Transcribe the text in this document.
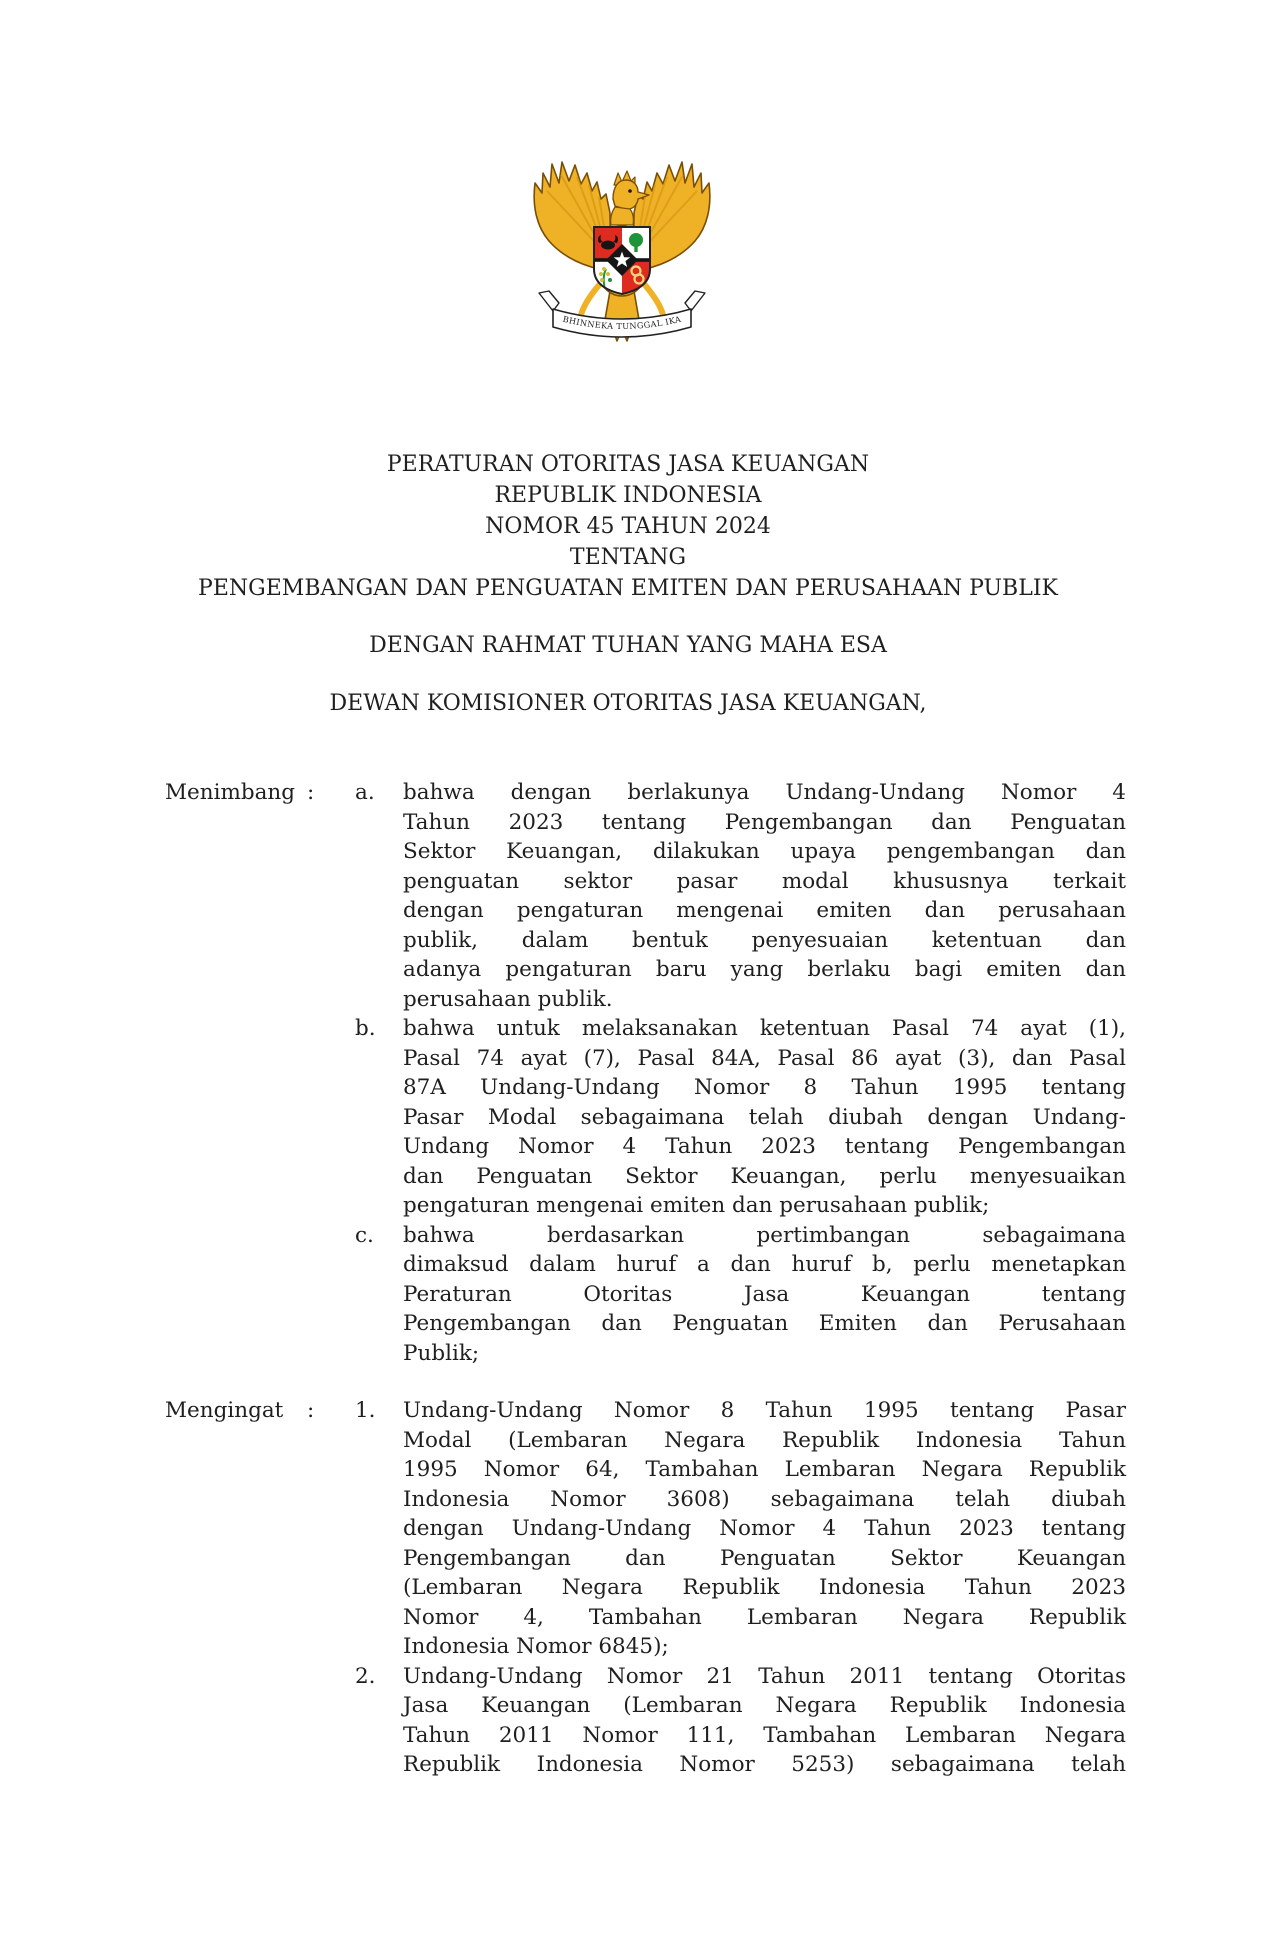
BHINNEKA TUNGGAL IKA
PERATURAN OTORITAS JASA KEUANGAN
REPUBLIK INDONESIA
NOMOR 45 TAHUN 2024
TENTANG
PENGEMBANGAN DAN PENGUATAN EMITEN DAN PERUSAHAAN PUBLIK
DENGAN RAHMAT TUHAN YANG MAHA ESA
DEWAN KOMISIONER OTORITAS JASA KEUANGAN,
Menimbang :	a.	bahwa dengan berlakunya Undang-Undang Nomor 4
Tahun 2023 tentang Pengembangan dan Penguatan
Sektor Keuangan, dilakukan upaya pengembangan dan
penguatan sektor pasar modal khususnya terkait
dengan pengaturan mengenai emiten dan perusahaan
publik, dalam bentuk penyesuaian ketentuan dan
adanya pengaturan baru yang berlaku bagi emiten dan
perusahaan publik.
b.	bahwa untuk melaksanakan ketentuan Pasal 74 ayat (1),
Pasal 74 ayat (7), Pasal 84A, Pasal 86 ayat (3), dan Pasal
87A Undang-Undang Nomor 8 Tahun 1995 tentang
Pasar Modal sebagaimana telah diubah dengan Undang-
Undang Nomor 4 Tahun 2023 tentang Pengembangan
dan Penguatan Sektor Keuangan, perlu menyesuaikan
pengaturan mengenai emiten dan perusahaan publik;
c.	bahwa berdasarkan pertimbangan sebagaimana
dimaksud dalam huruf a dan huruf b, perlu menetapkan
Peraturan Otoritas Jasa Keuangan tentang
Pengembangan dan Penguatan Emiten dan Perusahaan
Publik;
Mengingat	:	1.	Undang-Undang Nomor 8 Tahun 1995 tentang Pasar
Modal (Lembaran Negara Republik Indonesia Tahun
1995 Nomor 64, Tambahan Lembaran Negara Republik
Indonesia Nomor 3608) sebagaimana telah diubah
dengan Undang-Undang Nomor 4 Tahun 2023 tentang
Pengembangan dan Penguatan Sektor Keuangan
(Lembaran Negara Republik Indonesia Tahun 2023
Nomor 4, Tambahan Lembaran Negara Republik
Indonesia Nomor 6845);
2.	Undang-Undang Nomor 21 Tahun 2011 tentang Otoritas
Jasa Keuangan (Lembaran Negara Republik Indonesia
Tahun 2011 Nomor 111, Tambahan Lembaran Negara
Republik Indonesia Nomor 5253) sebagaimana telah
